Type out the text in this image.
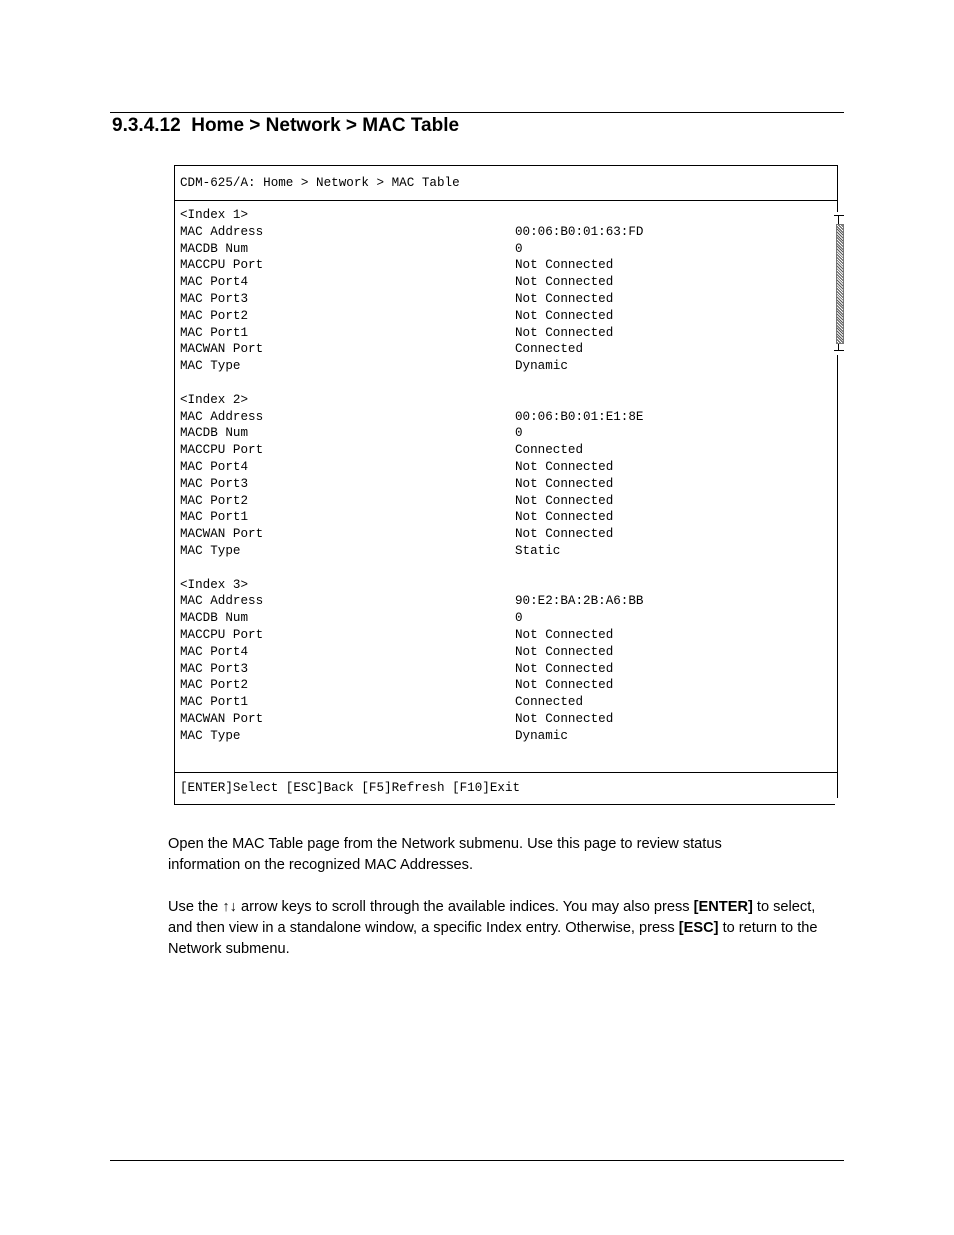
9.3.4.12  Home > Network > MAC Table
CDM-625/A: Home > Network > MAC Table
<Index 1>
MAC Address	00:06:B0:01:63:FD
MACDB Num	0
MACCPU Port	Not Connected
MAC Port4	Not Connected
MAC Port3	Not Connected
MAC Port2	Not Connected
MAC Port1	Not Connected
MACWAN Port	Connected
MAC Type	Dynamic
<Index 2>
MAC Address	00:06:B0:01:E1:8E
MACDB Num	0
MACCPU Port	Connected
MAC Port4	Not Connected
MAC Port3	Not Connected
MAC Port2	Not Connected
MAC Port1	Not Connected
MACWAN Port	Not Connected
MAC Type	Static
<Index 3>
MAC Address	90:E2:BA:2B:A6:BB
MACDB Num	0
MACCPU Port	Not Connected
MAC Port4	Not Connected
MAC Port3	Not Connected
MAC Port2	Not Connected
MAC Port1	Connected
MACWAN Port	Not Connected
MAC Type	Dynamic
[ENTER]Select [ESC]Back [F5]Refresh [F10]Exit
Open the MAC Table page from the Network submenu. Use this page to review status
information on the recognized MAC Addresses.
Use the ↑↓ arrow keys to scroll through the available indices. You may also press [ENTER] to select, and then view in a standalone window, a specific Index entry. Otherwise, press [ESC] to return to the Network submenu.
